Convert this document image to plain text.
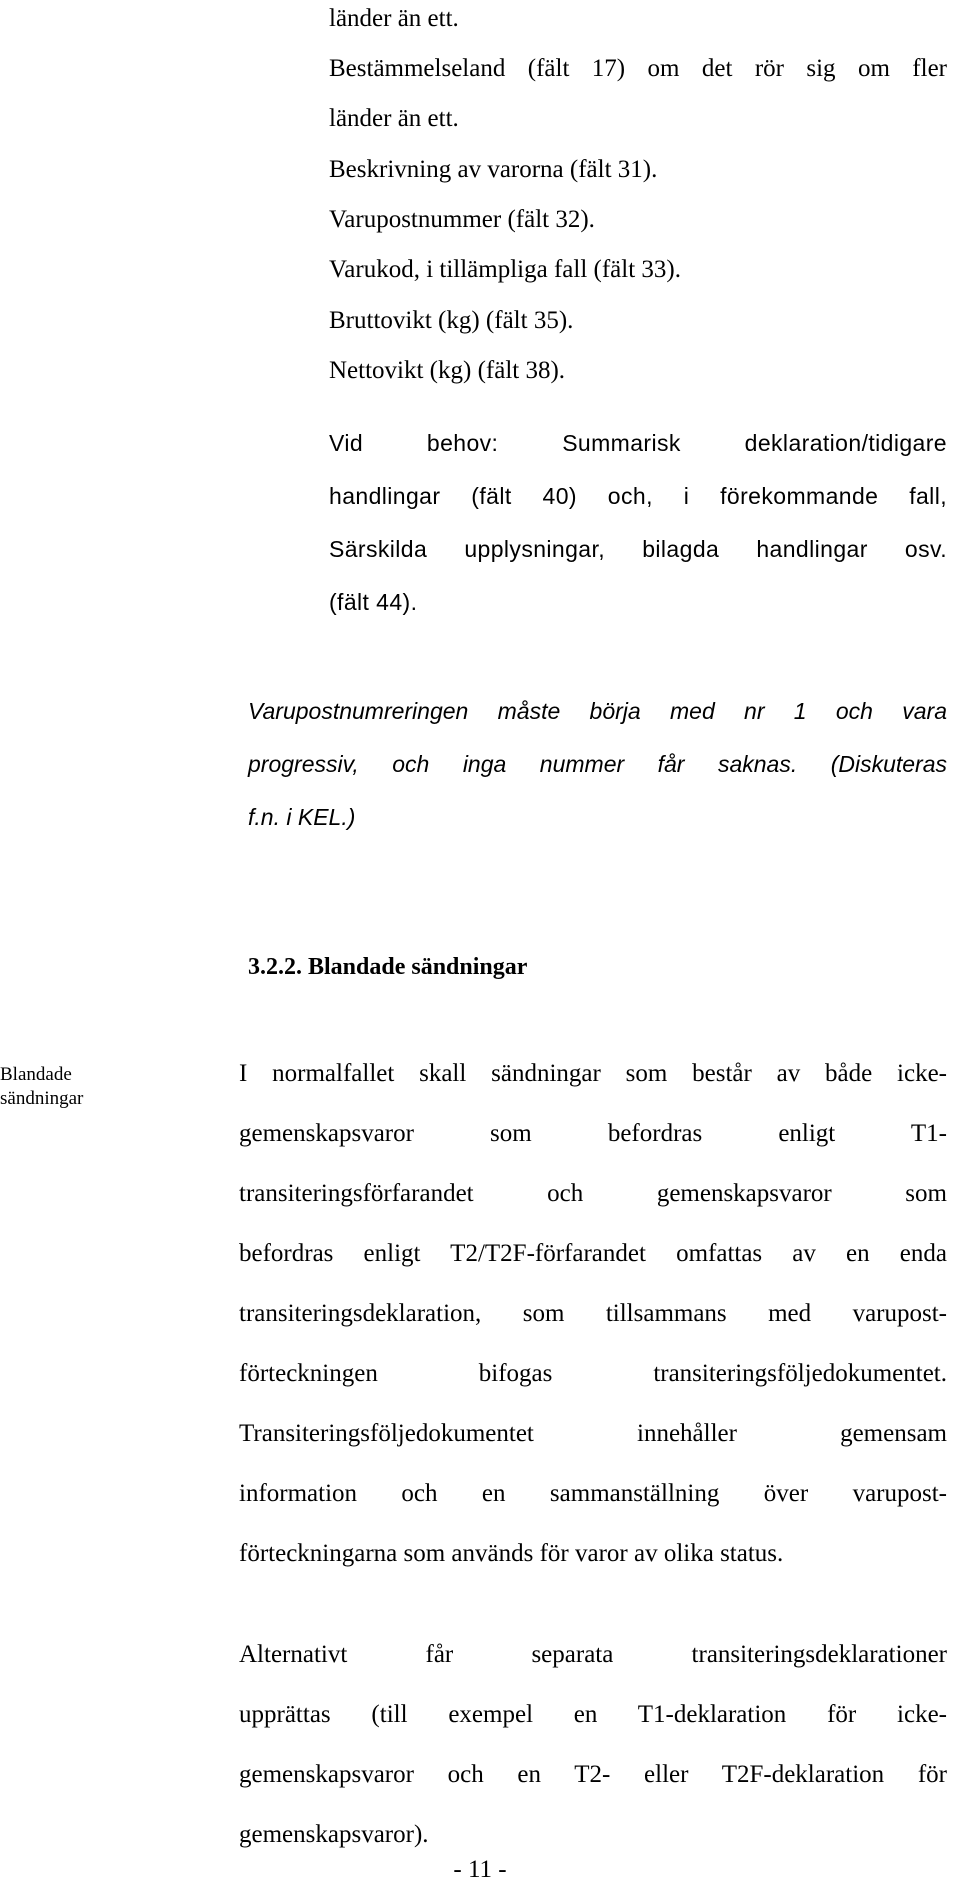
länder än ett.
Bestämmelseland (fält 17) om det rör sig om fler
länder än ett.
Beskrivning av varorna (fält 31).
Varupostnummer (fält 32).
Varukod, i tillämpliga fall (fält 33).
Bruttovikt (kg) (fält 35).
Nettovikt (kg) (fält 38).
Vid behov: Summarisk deklaration/tidigare
handlingar (fält 40) och, i förekommande fall,
Särskilda upplysningar, bilagda handlingar osv.
(fält 44).
Varupostnumreringen måste börja med nr 1 och vara
progressiv, och inga nummer får saknas. (Diskuteras
f.n. i KEL.)
3.2.2. Blandade sändningar
Blandade
sändningar
I normalfallet skall sändningar som består av både icke-
gemenskapsvaror som befordras enligt T1-
transiteringsförfarandet och gemenskapsvaror som
befordras enligt T2/T2F-förfarandet omfattas av en enda
transiteringsdeklaration, som tillsammans med varupost-
förteckningen bifogas transiteringsföljedokumentet.
Transiteringsföljedokumentet innehåller gemensam
information och en sammanställning över varupost-
förteckningarna som används för varor av olika status.
Alternativt får separata transiteringsdeklarationer
upprättas (till exempel en T1-deklaration för icke-
gemenskapsvaror och en T2- eller T2F-deklaration för
gemenskapsvaror).
- 11 -
